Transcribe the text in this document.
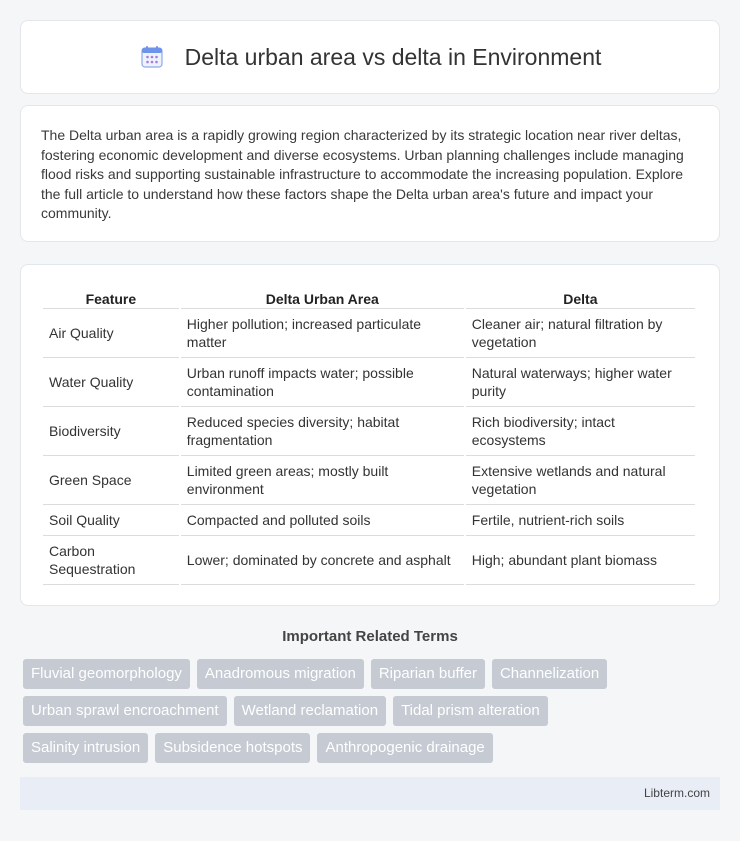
Delta urban area vs delta in Environment

The Delta urban area is a rapidly growing region characterized by its strategic location near river deltas, fostering economic development and diverse ecosystems. Urban planning challenges include managing flood risks and supporting sustainable infrastructure to accommodate the increasing population. Explore the full article to understand how these factors shape the Delta urban area's future and impact your community.

Feature	Delta Urban Area	Delta
Air Quality	Higher pollution; increased particulate matter	Cleaner air; natural filtration by vegetation
Water Quality	Urban runoff impacts water; possible contamination	Natural waterways; higher water purity
Biodiversity	Reduced species diversity; habitat fragmentation	Rich biodiversity; intact ecosystems
Green Space	Limited green areas; mostly built environment	Extensive wetlands and natural vegetation
Soil Quality	Compacted and polluted soils	Fertile, nutrient-rich soils
Carbon Sequestration	Lower; dominated by concrete and asphalt	High; abundant plant biomass
Important Related Terms
Fluvial geomorphology	Anadromous migration	Riparian buffer	Channelization
Urban sprawl encroachment	Wetland reclamation	Tidal prism alteration
Salinity intrusion	Subsidence hotspots	Anthropogenic drainage
Libterm.com
